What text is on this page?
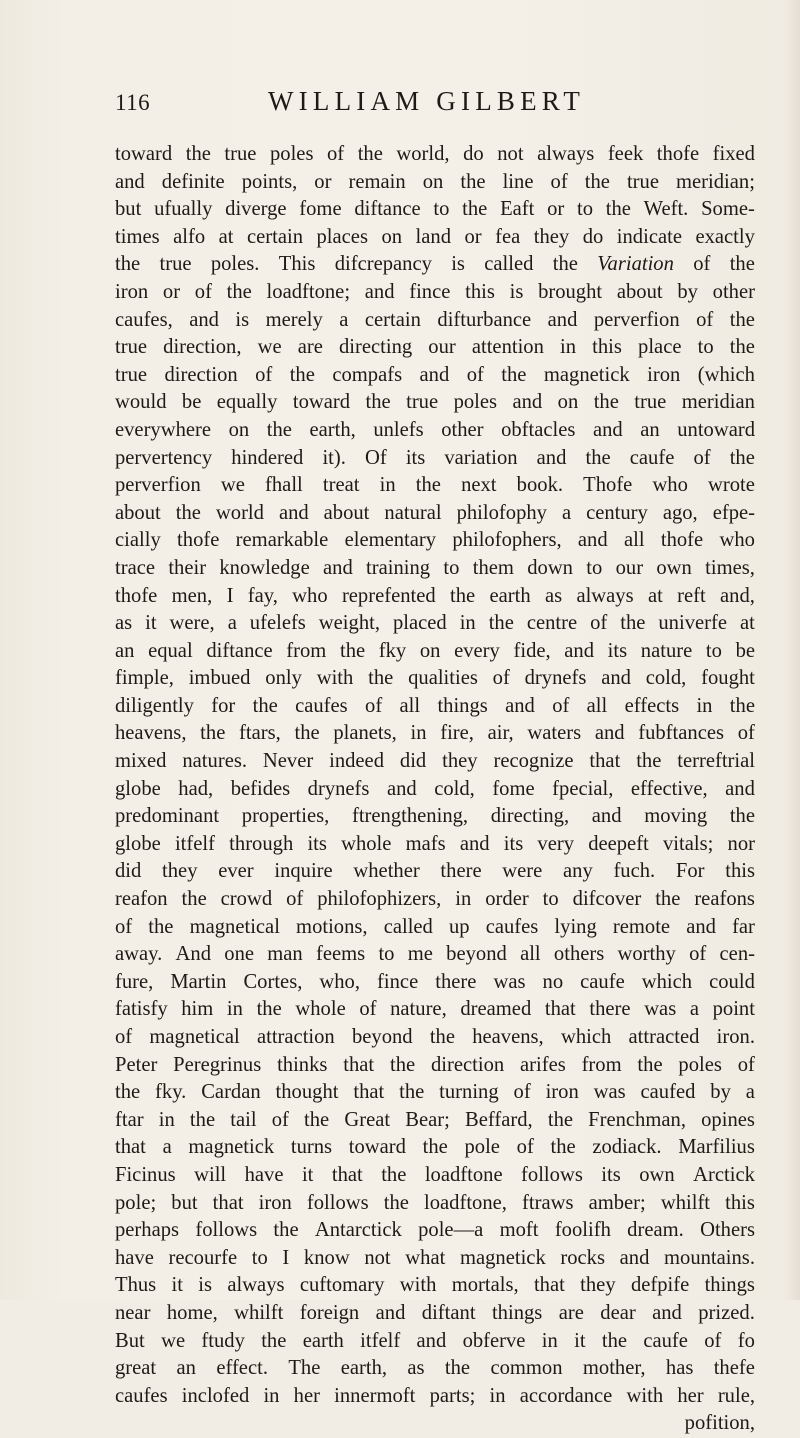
116	WILLIAM GILBERT
toward the true poles of the world, do not always feek thofe fixed
and definite points, or remain on the line of the true meridian;
but ufually diverge fome diftance to the Eaft or to the Weft. Some-
times alfo at certain places on land or fea they do indicate exactly
the true poles. This difcrepancy is called the Variation of the
iron or of the loadftone; and fince this is brought about by other
caufes, and is merely a certain difturbance and perverfion of the
true direction, we are directing our attention in this place to the
true direction of the compafs and of the magnetick iron (which
would be equally toward the true poles and on the true meridian
everywhere on the earth, unlefs other obftacles and an untoward
pervertency hindered it). Of its variation and the caufe of the
perverfion we fhall treat in the next book. Thofe who wrote
about the world and about natural philofophy a century ago, efpe-
cially thofe remarkable elementary philofophers, and all thofe who
trace their knowledge and training to them down to our own times,
thofe men, I fay, who reprefented the earth as always at reft and,
as it were, a ufelefs weight, placed in the centre of the univerfe at
an equal diftance from the fky on every fide, and its nature to be
fimple, imbued only with the qualities of drynefs and cold, fought
diligently for the caufes of all things and of all effects in the
heavens, the ftars, the planets, in fire, air, waters and fubftances of
mixed natures. Never indeed did they recognize that the terreftrial
globe had, befides drynefs and cold, fome fpecial, effective, and
predominant properties, ftrengthening, directing, and moving the
globe itfelf through its whole mafs and its very deepeft vitals; nor
did they ever inquire whether there were any fuch. For this
reafon the crowd of philofophizers, in order to difcover the reafons
of the magnetical motions, called up caufes lying remote and far
away. And one man feems to me beyond all others worthy of cen-
fure, Martin Cortes, who, fince there was no caufe which could
fatisfy him in the whole of nature, dreamed that there was a point
of magnetical attraction beyond the heavens, which attracted iron.
Peter Peregrinus thinks that the direction arifes from the poles of
the fky. Cardan thought that the turning of iron was caufed by a
ftar in the tail of the Great Bear; Beffard, the Frenchman, opines
that a magnetick turns toward the pole of the zodiack. Marfilius
Ficinus will have it that the loadftone follows its own Arctick
pole; but that iron follows the loadftone, ftraws amber; whilft this
perhaps follows the Antarctick pole—a moft foolifh dream. Others
have recourfe to I know not what magnetick rocks and mountains.
Thus it is always cuftomary with mortals, that they defpife things
near home, whilft foreign and diftant things are dear and prized.
But we ftudy the earth itfelf and obferve in it the caufe of fo
great an effect. The earth, as the common mother, has thefe
caufes inclofed in her innermoft parts; in accordance with her rule,
pofition,
